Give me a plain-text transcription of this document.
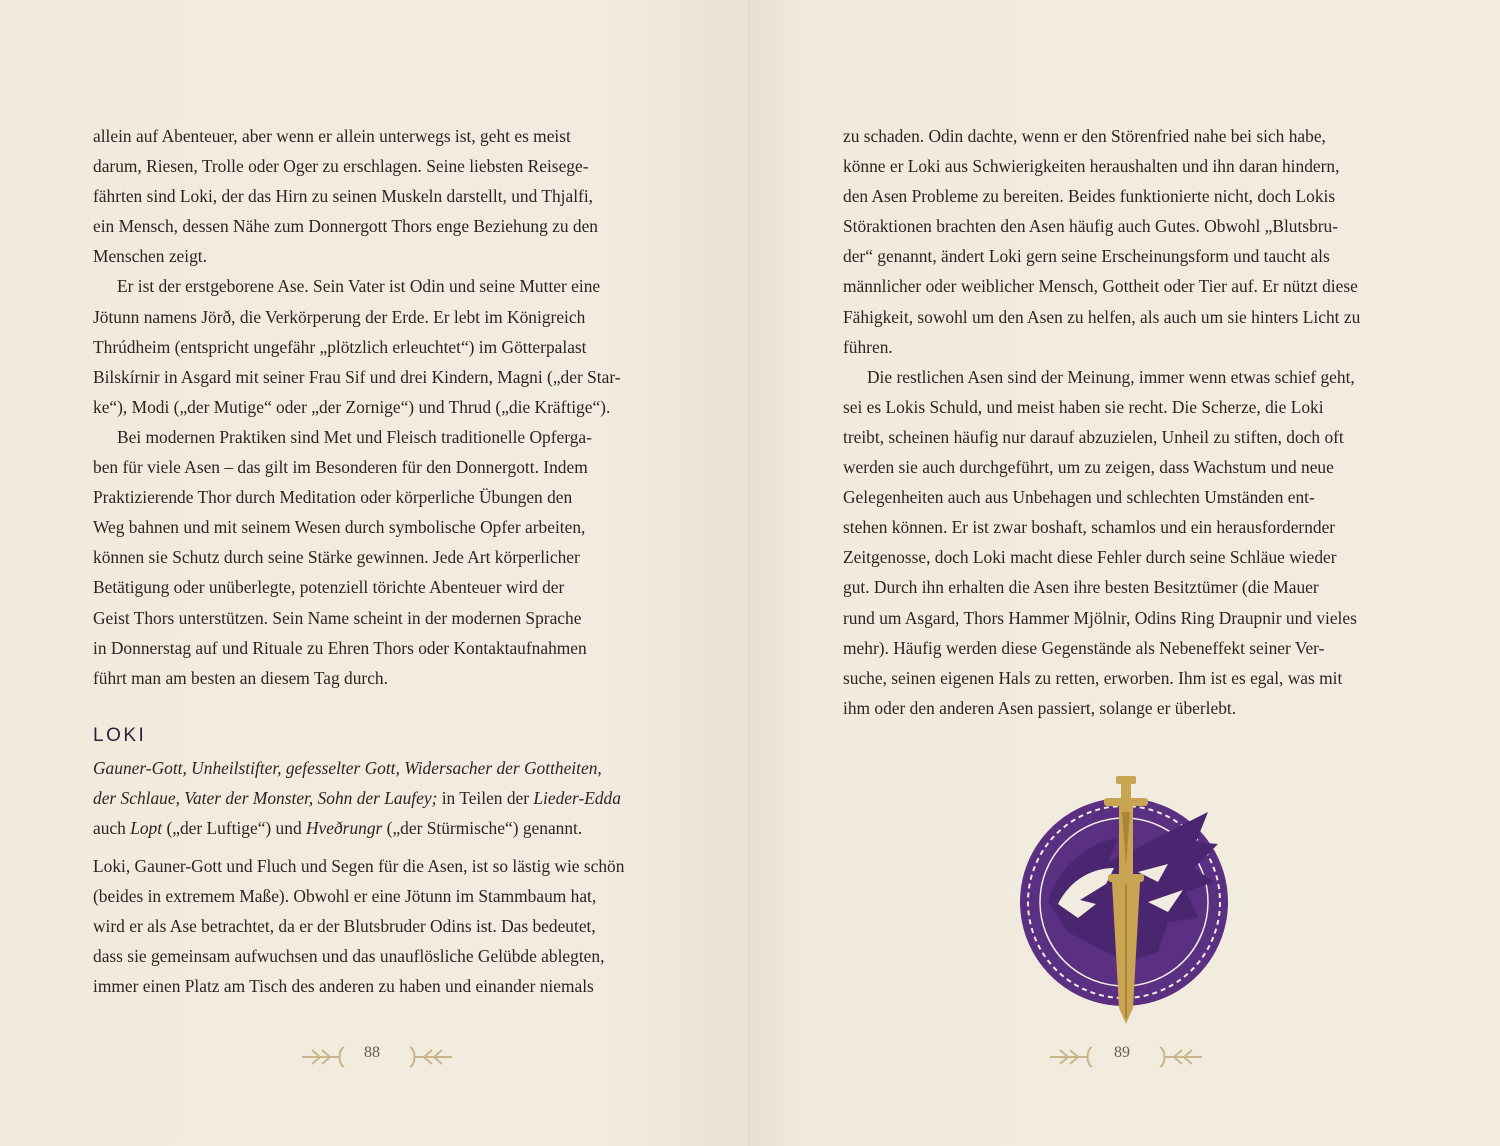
allein auf Abenteuer, aber wenn er allein unterwegs ist, geht es meist
darum, Riesen, Trolle oder Oger zu erschlagen. Seine liebsten Reisege-
fährten sind Loki, der das Hirn zu seinen Muskeln darstellt, und Thjalfi,
ein Mensch, dessen Nähe zum Donnergott Thors enge Beziehung zu den
Menschen zeigt.
Er ist der erstgeborene Ase. Sein Vater ist Odin und seine Mutter eine
Jötunn namens Jörð, die Verkörperung der Erde. Er lebt im Königreich
Thrúdheim (entspricht ungefähr „plötzlich erleuchtet“) im Götterpalast
Bilskírnir in Asgard mit seiner Frau Sif und drei Kindern, Magni („der Star-
ke“), Modi („der Mutige“ oder „der Zornige“) und Thrud („die Kräftige“).
Bei modernen Praktiken sind Met und Fleisch traditionelle Opferga-
ben für viele Asen – das gilt im Besonderen für den Donnergott. Indem
Praktizierende Thor durch Meditation oder körperliche Übungen den
Weg bahnen und mit seinem Wesen durch symbolische Opfer arbeiten,
können sie Schutz durch seine Stärke gewinnen. Jede Art körperlicher
Betätigung oder unüberlegte, potenziell törichte Abenteuer wird der
Geist Thors unterstützen. Sein Name scheint in der modernen Sprache
in Donnerstag auf und Rituale zu Ehren Thors oder Kontaktaufnahmen
führt man am besten an diesem Tag durch.
LOKI
Gauner-Gott, Unheilstifter, gefesselter Gott, Widersacher der Gottheiten,
der Schlaue, Vater der Monster, Sohn der Laufey; in Teilen der Lieder-Edda
auch Lopt („der Luftige“) und Hveðrungr („der Stürmische“) genannt.
Loki, Gauner-Gott und Fluch und Segen für die Asen, ist so lästig wie schön
(beides in extremem Maße). Obwohl er eine Jötunn im Stammbaum hat,
wird er als Ase betrachtet, da er der Blutsbruder Odins ist. Das bedeutet,
dass sie gemeinsam aufwuchsen und das unauflösliche Gelübde ablegten,
immer einen Platz am Tisch des anderen zu haben und einander niemals
88
zu schaden. Odin dachte, wenn er den Störenfried nahe bei sich habe,
könne er Loki aus Schwierigkeiten heraushalten und ihn daran hindern,
den Asen Probleme zu bereiten. Beides funktionierte nicht, doch Lokis
Störaktionen brachten den Asen häufig auch Gutes. Obwohl „Blutsbru-
der“ genannt, ändert Loki gern seine Erscheinungsform und taucht als
männlicher oder weiblicher Mensch, Gottheit oder Tier auf. Er nützt diese
Fähigkeit, sowohl um den Asen zu helfen, als auch um sie hinters Licht zu
führen.
Die restlichen Asen sind der Meinung, immer wenn etwas schief geht,
sei es Lokis Schuld, und meist haben sie recht. Die Scherze, die Loki
treibt, scheinen häufig nur darauf abzuzielen, Unheil zu stiften, doch oft
werden sie auch durchgeführt, um zu zeigen, dass Wachstum und neue
Gelegenheiten auch aus Unbehagen und schlechten Umständen ent-
stehen können. Er ist zwar boshaft, schamlos und ein herausfordernder
Zeitgenosse, doch Loki macht diese Fehler durch seine Schläue wieder
gut. Durch ihn erhalten die Asen ihre besten Besitztümer (die Mauer
rund um Asgard, Thors Hammer Mjölnir, Odins Ring Draupnir und vieles
mehr). Häufig werden diese Gegenstände als Nebeneffekt seiner Ver-
suche, seinen eigenen Hals zu retten, erworben. Ihm ist es egal, was mit
ihm oder den anderen Asen passiert, solange er überlebt.
89
